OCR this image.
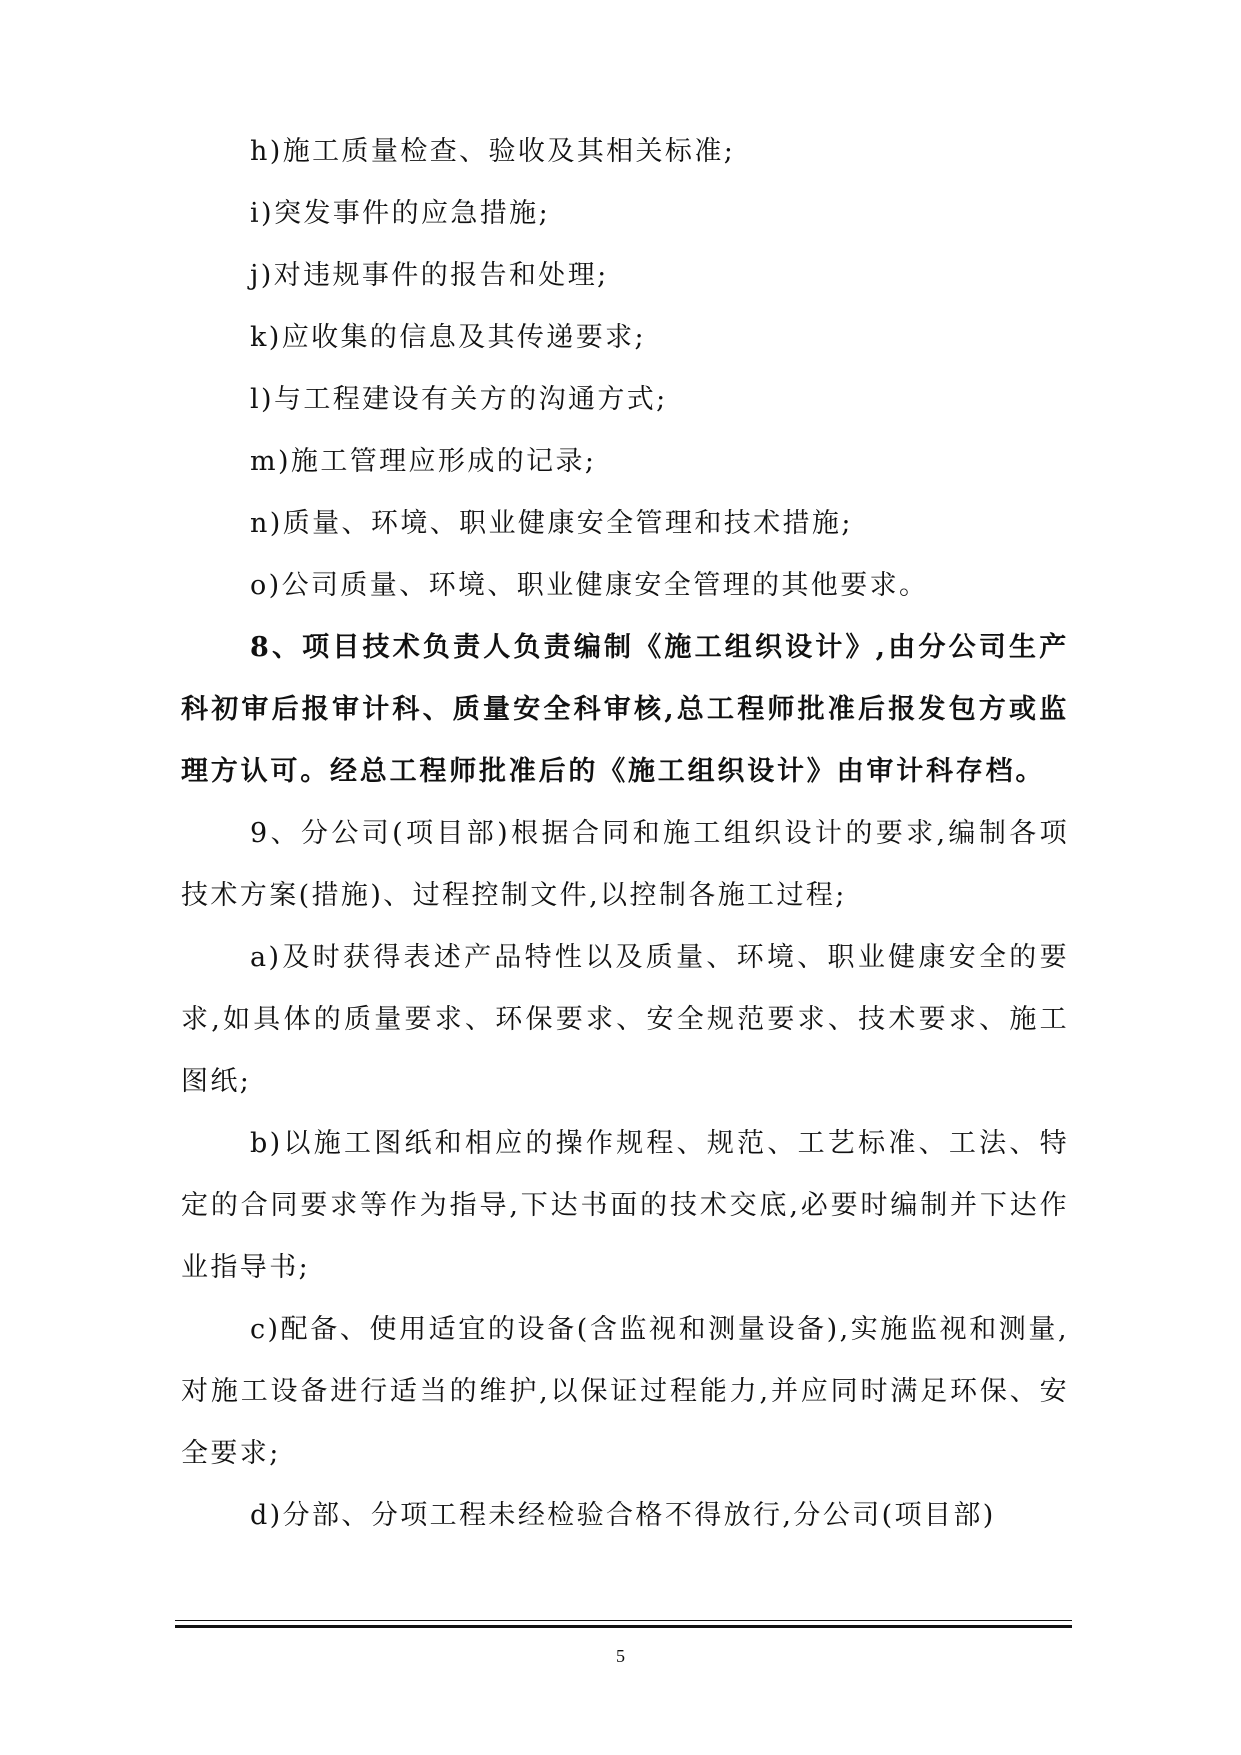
h)施工质量检查、验收及其相关标准;

i)突发事件的应急措施;

j)对违规事件的报告和处理;

k)应收集的信息及其传递要求;

l)与工程建设有关方的沟通方式;

m)施工管理应形成的记录;

n)质量、环境、职业健康安全管理和技术措施;

o)公司质量、环境、职业健康安全管理的其他要求。

8、项目技术负责人负责编制《施工组织设计》,由分公司生产科初审后报审计科、质量安全科审核,总工程师批准后报发包方或监理方认可。经总工程师批准后的《施工组织设计》由审计科存档。

9、分公司(项目部)根据合同和施工组织设计的要求,编制各项技术方案(措施)、过程控制文件,以控制各施工过程;

a)及时获得表述产品特性以及质量、环境、职业健康安全的要求,如具体的质量要求、环保要求、安全规范要求、技术要求、施工图纸;

b)以施工图纸和相应的操作规程、规范、工艺标准、工法、特定的合同要求等作为指导,下达书面的技术交底,必要时编制并下达作业指导书;

c)配备、使用适宜的设备(含监视和测量设备),实施监视和测量,对施工设备进行适当的维护,以保证过程能力,并应同时满足环保、安全要求;

d)分部、分项工程未经检验合格不得放行,分公司(项目部)

5
